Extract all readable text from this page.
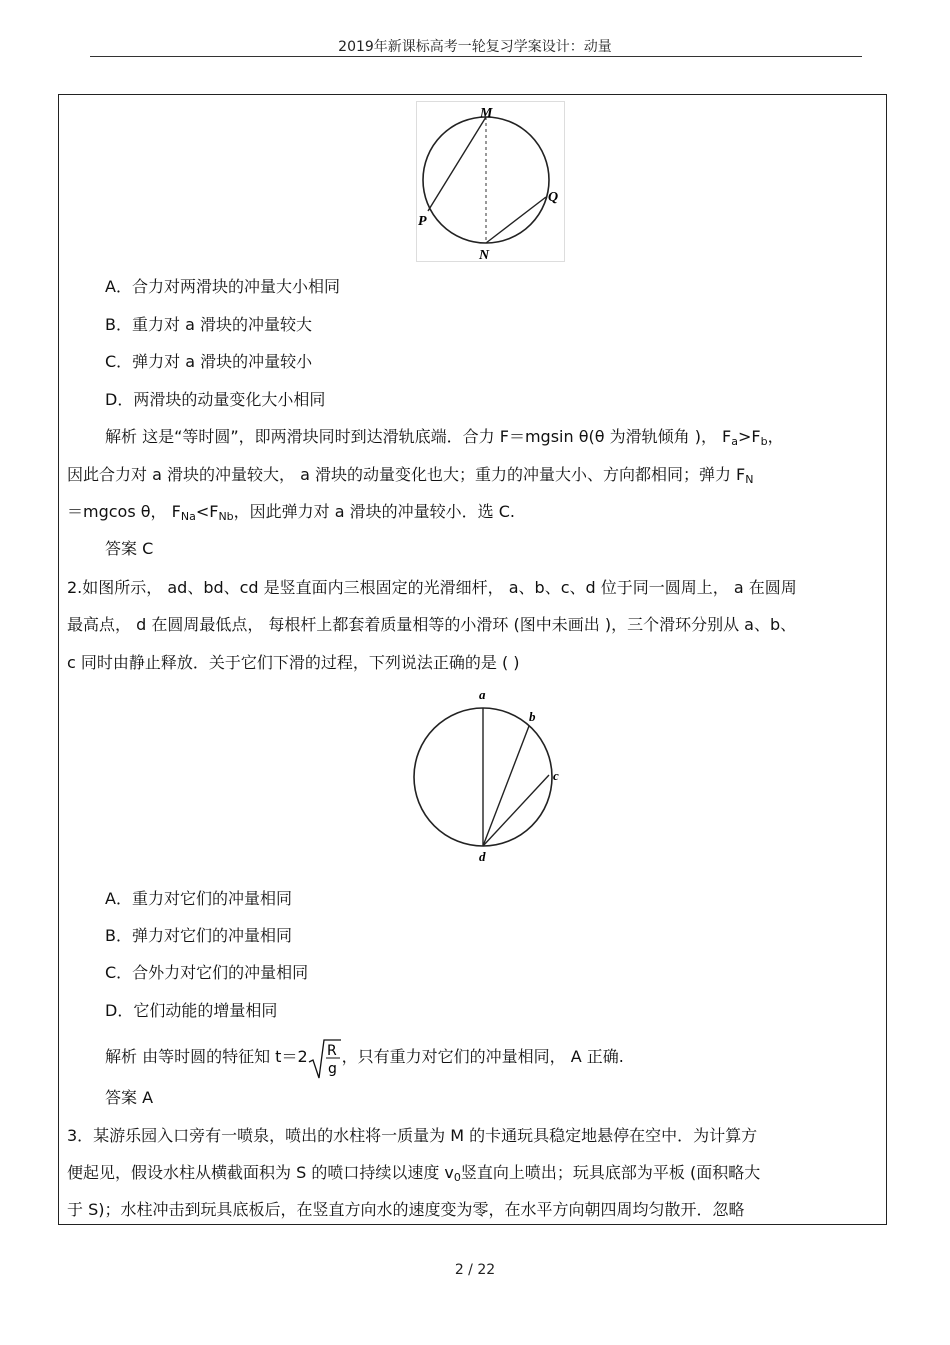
2019年新课标高考一轮复习学案设计：动量
M
P
Q
N
A．合力对两滑块的冲量大小相同
B．重力对 a 滑块的冲量较大
C．弹力对 a 滑块的冲量较小
D．两滑块的动量变化大小相同
解析 这是“等时圆”，即两滑块同时到达滑轨底端．合力 F＝mgsin θ(θ 为滑轨倾角 )， $F_a>F_b$，
因此合力对 a 滑块的冲量较大， a 滑块的动量变化也大；重力的冲量大小、方向都相同；弹力 $F_N$
＝mgcos θ， $F_{Na}<F_{Nb}$，因此弹力对 a 滑块的冲量较小．选 C.
答案 C
2.如图所示， ad、bd、cd 是竖直面内三根固定的光滑细杆， a、b、c、d 位于同一圆周上， a 在圆周
最高点， d 在圆周最低点， 每根杆上都套着质量相等的小滑环 (图中未画出 )，三个滑环分别从 a、b、
c 同时由静止释放．关于它们下滑的过程，下列说法正确的是 ( )
a
b
c
d
A．重力对它们的冲量相同
B．弹力对它们的冲量相同
C．合外力对它们的冲量相同
D．它们动能的增量相同
解析 由等时圆的特征知 t＝2 R
g
，只有重力对它们的冲量相同， A 正确.
答案 A
3．某游乐园入口旁有一喷泉，喷出的水柱将一质量为 M 的卡通玩具稳定地悬停在空中．为计算方
便起见，假设水柱从横截面积为 S 的喷口持续以速度 $v_0$竖直向上喷出；玩具底部为平板 (面积略大
于 S)；水柱冲击到玩具底板后，在竖直方向水的速度变为零，在水平方向朝四周均匀散开．忽略
2 / 22
